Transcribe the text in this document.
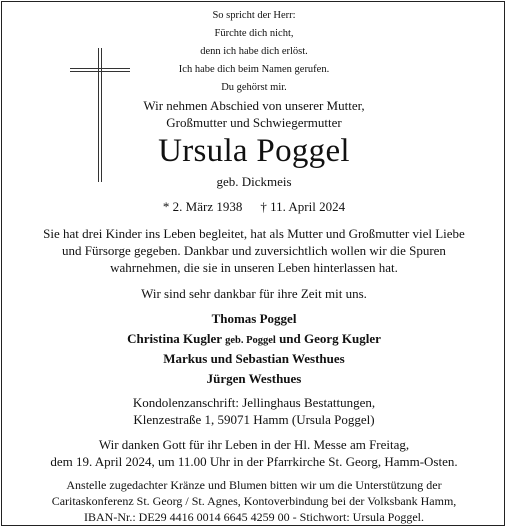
So spricht der Herr:
Fürchte dich nicht,
denn ich habe dich erlöst.
Ich habe dich beim Namen gerufen.
Du gehörst mir.
Wir nehmen Abschied von unserer Mutter,
Großmutter und Schwiegermutter
Ursula Poggel
geb. Dickmeis
* 2. März 1938 † 11. April 2024
Sie hat drei Kinder ins Leben begleitet, hat als Mutter und Großmutter viel Liebe
und Fürsorge gegeben. Dankbar und zuversichtlich wollen wir die Spuren
wahrnehmen, die sie in unseren Leben hinterlassen hat.
Wir sind sehr dankbar für ihre Zeit mit uns.
Thomas Poggel
Christina Kugler geb. Poggel und Georg Kugler
Markus und Sebastian Westhues
Jürgen Westhues
Kondolenzanschrift: Jellinghaus Bestattungen,
Klenzestraße 1, 59071 Hamm (Ursula Poggel)
Wir danken Gott für ihr Leben in der Hl. Messe am Freitag,
dem 19. April 2024, um 11.00 Uhr in der Pfarrkirche St. Georg, Hamm-Osten.
Anstelle zugedachter Kränze und Blumen bitten wir um die Unterstützung der
Caritaskonferenz St. Georg / St. Agnes, Kontoverbindung bei der Volksbank Hamm,
IBAN-Nr.: DE29 4416 0014 6645 4259 00 - Stichwort: Ursula Poggel.
